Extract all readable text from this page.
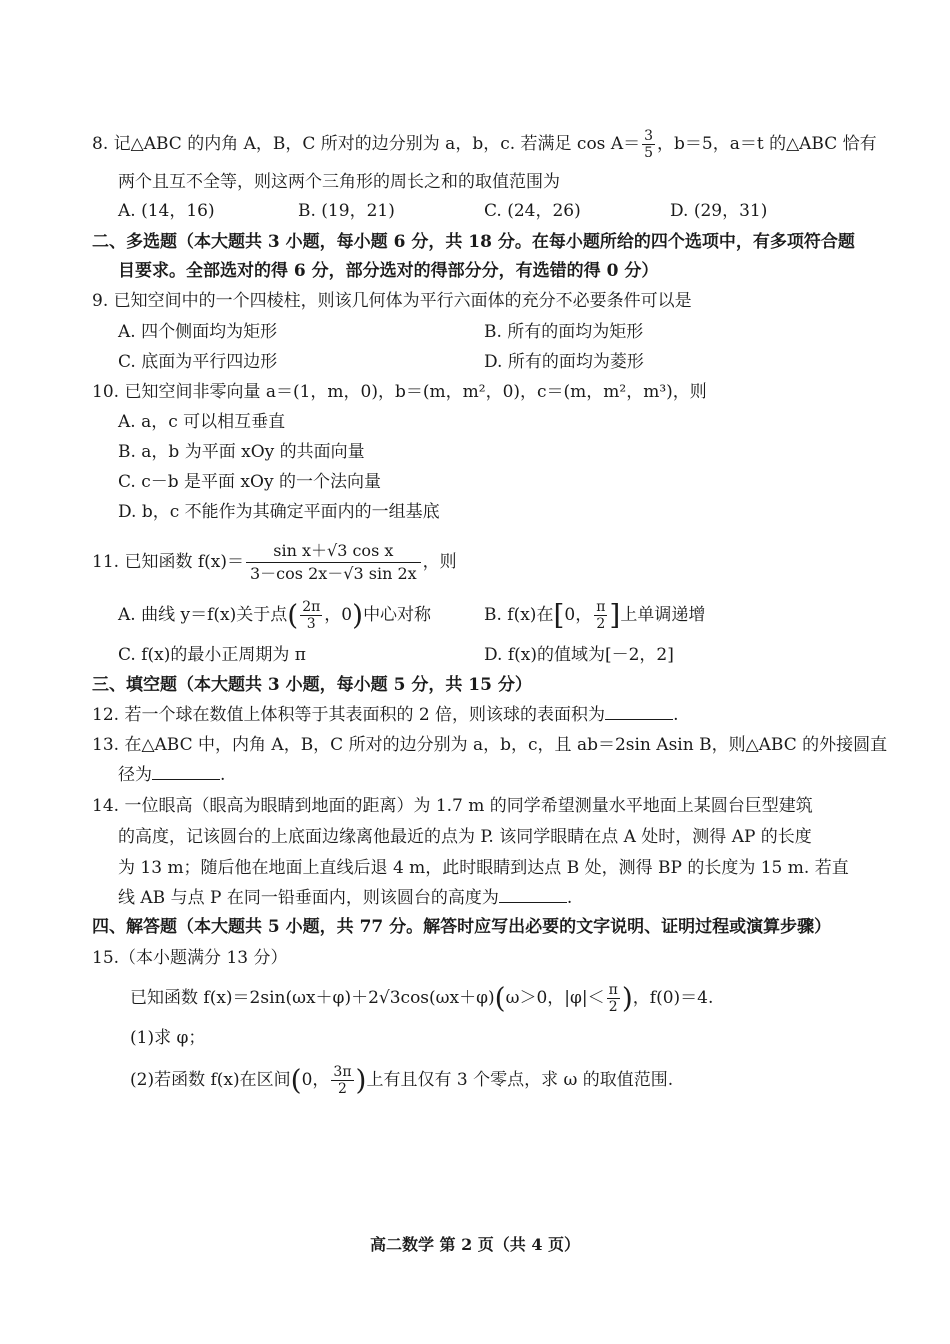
8. 记△ABC 的内角 A，B，C 所对的边分别为 a，b，c. 若满足 $\cos A= \frac{3}{5}$ ，b＝5，a＝t 的△ABC 恰有
两个且互不全等，则这两个三角形的周长之和的取值范围为
A. (14，16)	B. (19，21)	C. (24，26)	D. (29，31)
二、多选题（本大题共 3 小题，每小题 6 分，共 18 分。在每小题所给的四个选项中，有多项符合题
目要求。全部选对的得 6 分，部分选对的得部分分，有选错的得 0 分）
9. 已知空间中的一个四棱柱，则该几何体为平行六面体的充分不必要条件可以是
A. 四个侧面均为矩形	B. 所有的面均为矩形
C. 底面为平行四边形	D. 所有的面均为菱形
10. 已知空间非零向量 a＝(1，m，0)，b＝(m，m²，0)，c＝(m，m²，m³)，则
A. a，c 可以相互垂直
B. a，b 为平面 xOy 的共面向量
C. c－b 是平面 xOy 的一个法向量
D. b，c 不能作为其确定平面内的一组基底
11. 已知函数 $f(x)= \frac{\text{sin x＋√3 cos x}}{3-\cos 2x-√3 \sin 2x}$ ，则
A. 曲线 y＝f(x)关于点( $\frac{2\pi}{3}$ ，0)中心对称	B. f(x)在[0， $\frac{\pi}{2}$ ]上单调递增
C. f(x)的最小正周期为 π	D. f(x)的值域为[－2，2]
三、填空题（本大题共 3 小题，每小题 5 分，共 15 分）
12. 若一个球在数值上体积等于其表面积的 2 倍，则该球的表面积为	.
13. 在△ABC 中，内角 A，B，C 所对的边分别为 a，b，c，且 ab＝2sin Asin B，则△ABC 的外接圆直
径为	.
14. 一位眼高（眼高为眼睛到地面的距离）为 1.7 m 的同学希望测量水平地面上某圆台巨型建筑
的高度，记该圆台的上底面边缘离他最近的点为 P. 该同学眼睛在点 A 处时，测得 AP 的长度
为 13 m；随后他在地面上直线后退 4 m，此时眼睛到达点 B 处，测得 BP 的长度为 15 m. 若直
线 AB 与点 P 在同一铅垂面内，则该圆台的高度为	.
四、解答题（本大题共 5 小题，共 77 分。解答时应写出必要的文字说明、证明过程或演算步骤）
15.（本小题满分 13 分）
已知函数 f(x)＝2sin(ωx＋φ)＋2√3cos(ωx＋φ)(ω＞0，$|\varphi|< \frac{\pi}{2}$ )，f(0)＝4.
(1)求 φ；
(2)若函数 f(x)在区间(0， $\frac{3\pi}{2}$ )上有且仅有 3 个零点，求 ω 的取值范围.
高二数学 第 2 页（共 4 页）
